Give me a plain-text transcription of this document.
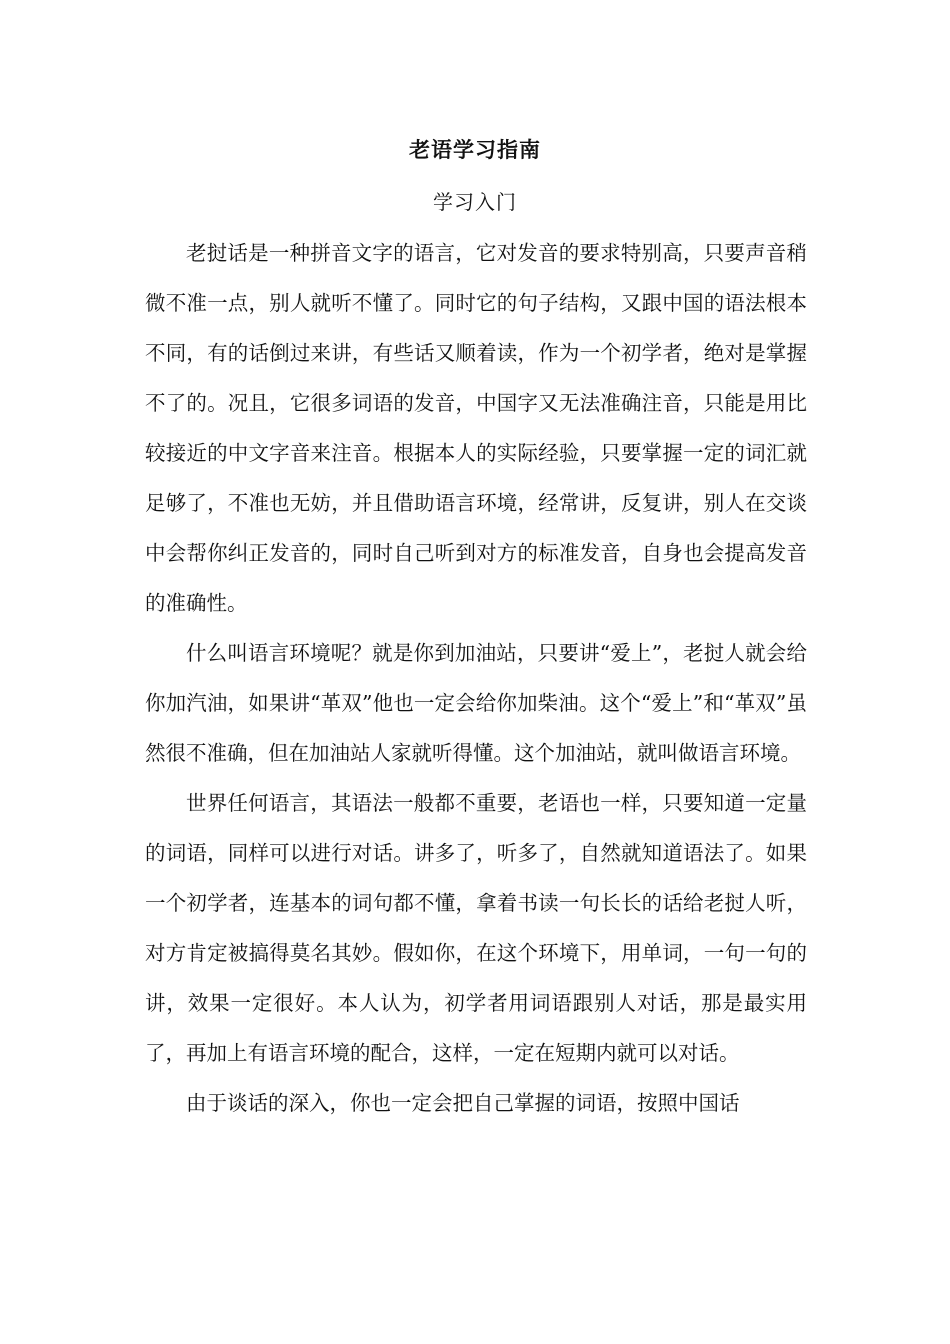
老语学习指南
学习入门

老挝话是一种拼音文字的语言，它对发音的要求特别高，只要声音稍微不准一点，别人就听不懂了。同时它的句子结构，又跟中国的语法根本不同，有的话倒过来讲，有些话又顺着读，作为一个初学者，绝对是掌握不了的。况且，它很多词语的发音，中国字又无法准确注音，只能是用比较接近的中文字音来注音。根据本人的实际经验，只要掌握一定的词汇就足够了，不准也无妨，并且借助语言环境，经常讲，反复讲，别人在交谈中会帮你纠正发音的，同时自己听到对方的标准发音，自身也会提高发音的准确性。

什么叫语言环境呢？就是你到加油站，只要讲“爱上”，老挝人就会给你加汽油，如果讲“革双”他也一定会给你加柴油。这个“爱上”和“革双”虽然很不准确，但在加油站人家就听得懂。这个加油站，就叫做语言环境。

世界任何语言，其语法一般都不重要，老语也一样，只要知道一定量的词语，同样可以进行对话。讲多了，听多了，自然就知道语法了。如果一个初学者，连基本的词句都不懂，拿着书读一句长长的话给老挝人听，对方肯定被搞得莫名其妙。假如你，在这个环境下，用单词，一句一句的讲，效果一定很好。本人认为，初学者用词语跟别人对话，那是最实用了，再加上有语言环境的配合，这样，一定在短期内就可以对话。

由于谈话的深入，你也一定会把自己掌握的词语，按照中国话
